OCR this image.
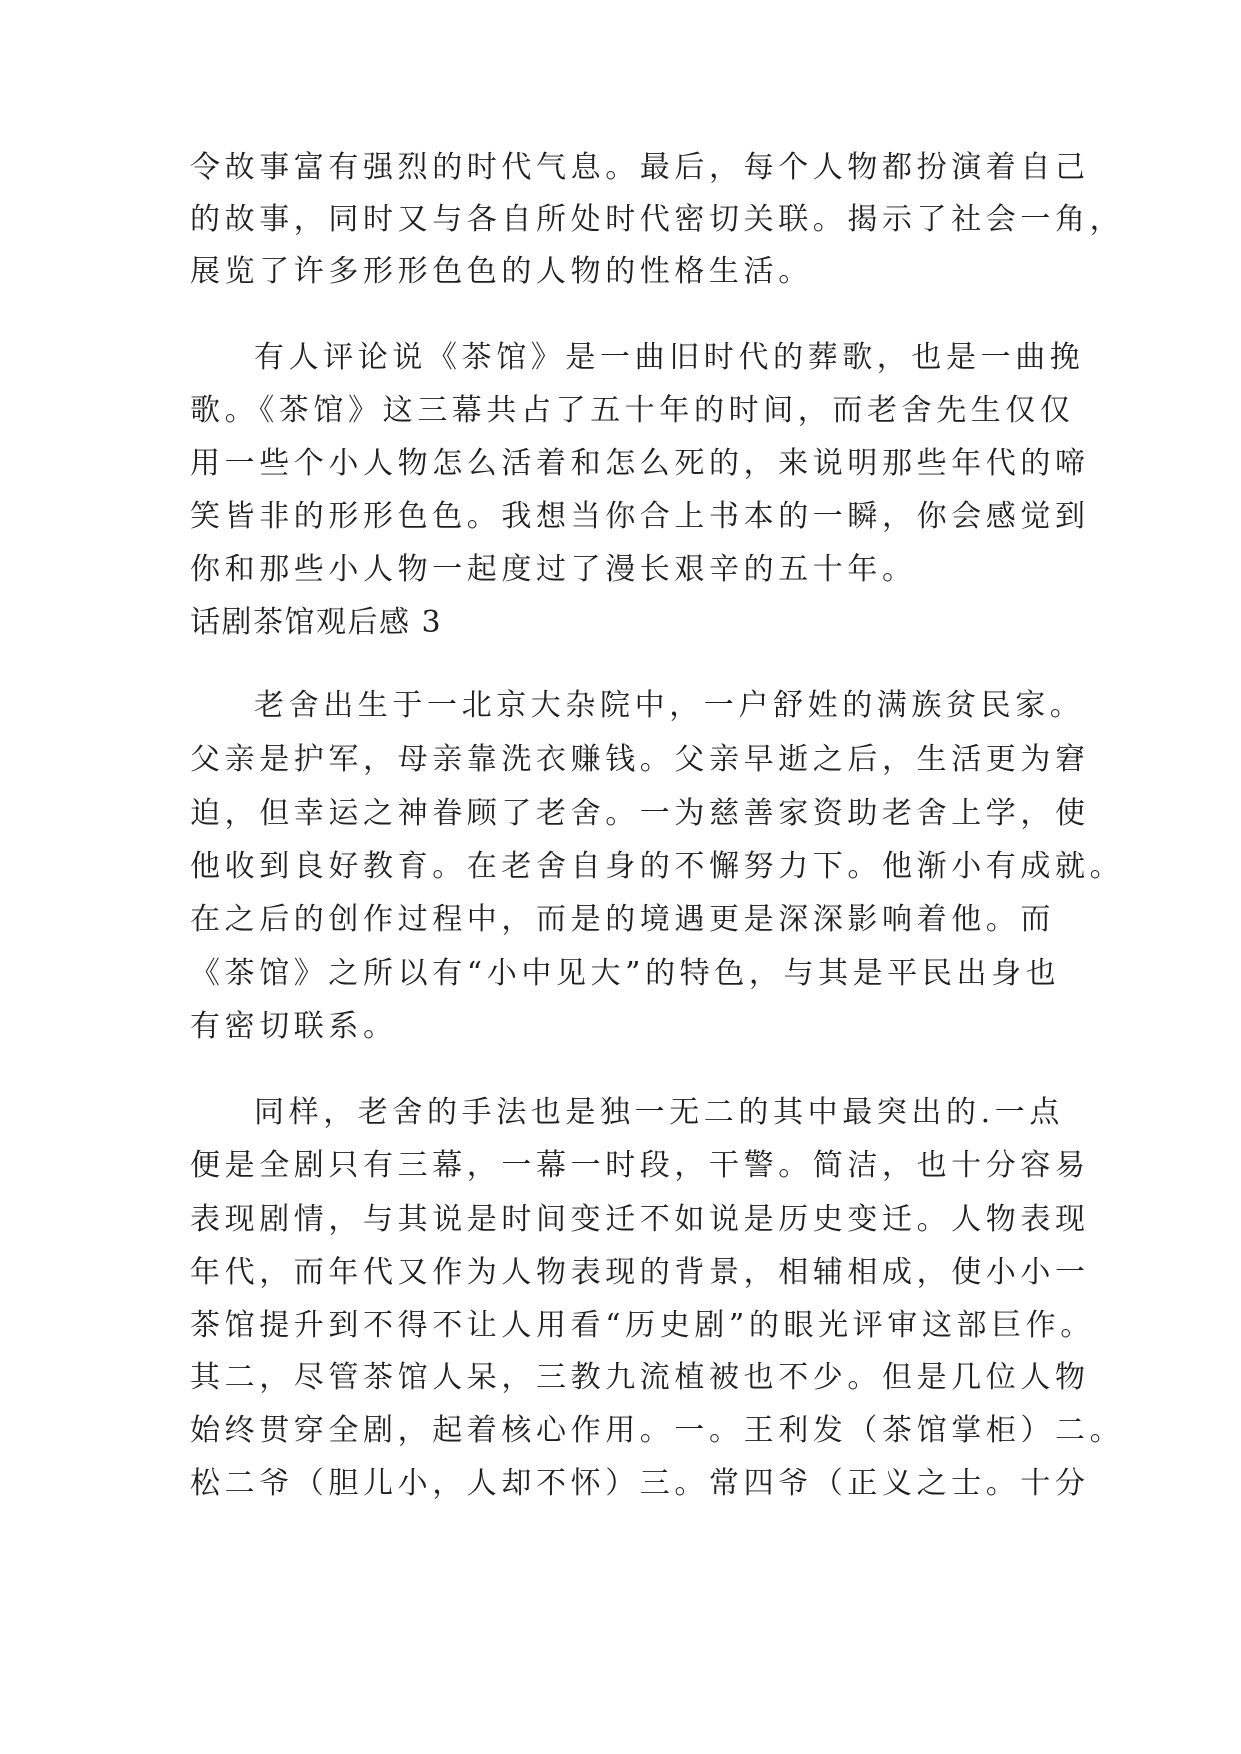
令故事富有强烈的时代气息。最后，每个人物都扮演着自己
的故事，同时又与各自所处时代密切关联。揭示了社会一角，
展览了许多形形色色的人物的性格生活。
有人评论说《茶馆》是一曲旧时代的葬歌，也是一曲挽
歌。《茶馆》这三幕共占了五十年的时间，而老舍先生仅仅
用一些个小人物怎么活着和怎么死的，来说明那些年代的啼
笑皆非的形形色色。我想当你合上书本的一瞬，你会感觉到
你和那些小人物一起度过了漫长艰辛的五十年。
话剧茶馆观后感 3
老舍出生于一北京大杂院中，一户舒姓的满族贫民家。
父亲是护军，母亲靠洗衣赚钱。父亲早逝之后，生活更为窘
迫，但幸运之神眷顾了老舍。一为慈善家资助老舍上学，使
他收到良好教育。在老舍自身的不懈努力下。他渐小有成就。
在之后的创作过程中，而是的境遇更是深深影响着他。而
《茶馆》之所以有“小中见大”的特色，与其是平民出身也
有密切联系。
同样，老舍的手法也是独一无二的其中最突出的.一点
便是全剧只有三幕，一幕一时段，干警。简洁，也十分容易
表现剧情，与其说是时间变迁不如说是历史变迁。人物表现
年代，而年代又作为人物表现的背景，相辅相成，使小小一
茶馆提升到不得不让人用看“历史剧”的眼光评审这部巨作。
其二，尽管茶馆人呆，三教九流植被也不少。但是几位人物
始终贯穿全剧，起着核心作用。一。王利发（茶馆掌柜）二。
松二爷（胆儿小，人却不怀）三。常四爷（正义之士。十分
